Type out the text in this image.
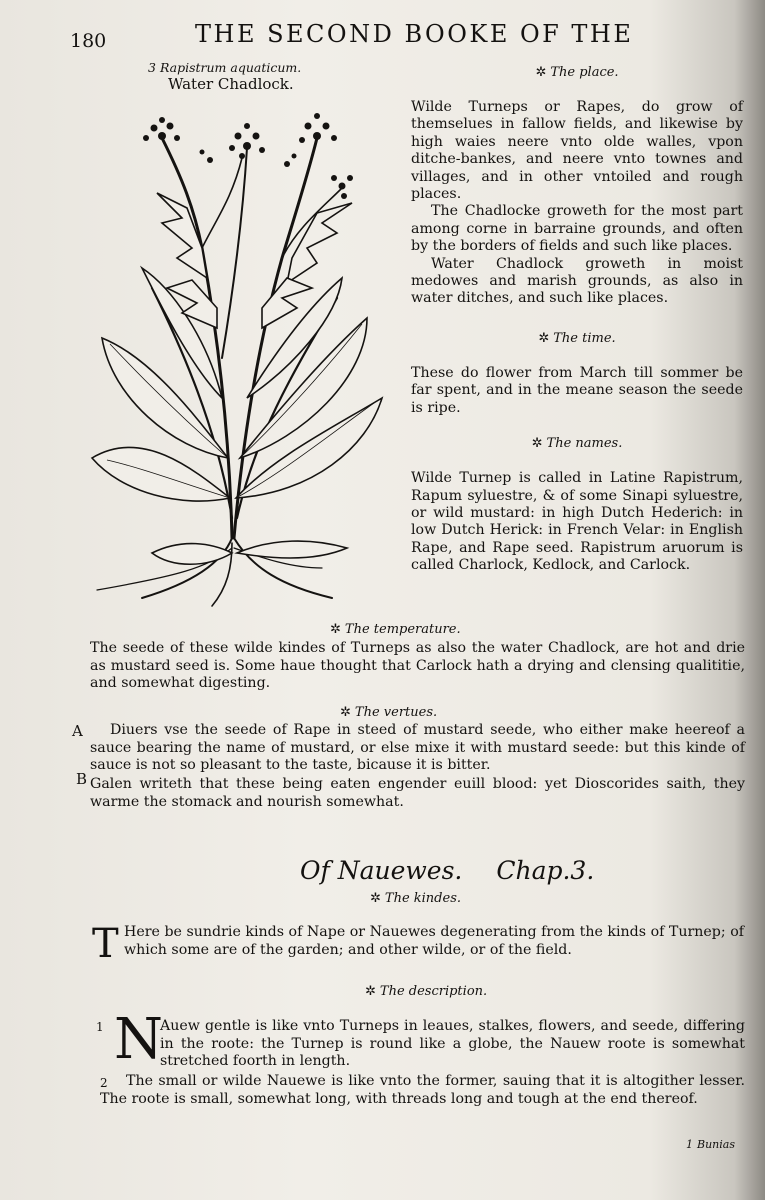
180	THE SECOND BOOKE OF THE
3 Rapistrum aquaticum.
Water Chadlock.

✲ The place.

Wilde Turneps or Rapes, do grow of themselues in fallow fields, and likewise by high waies neere vnto olde walles, vpon ditche-bankes, and neere vnto townes and villages, and in other vntoiled and rough places.

The Chadlocke groweth for the most part among corne in barraine grounds, and often by the borders of fields and such like places.

Water Chadlock groweth in moist medowes and marish grounds, as also in water ditches, and such like places.

✲ The time.

These do flower from March till sommer be far spent, and in the meane season the seede is ripe.

✲ The names.

Wilde Turnep is called in Latine Rapistrum, Rapum syluestre, & of some Sinapi syluestre, or wild mustard: in high Dutch Hederich: in low Dutch Herick: in French Velar: in English Rape, and Rape seed. Rapistrum aruorum is called Charlock, Kedlock, and Carlock.

✲ The temperature.

The seede of these wilde kindes of Turneps as also the water Chadlock, are hot and drie as mustard seed is. Some haue thought that Carlock hath a drying and clensing qualititie, and somewhat digesting.

✲ The vertues.
A	Diuers vse the seede of Rape in steed of mustard seede, who either make heereof a sauce bearing the name of mustard, or else mixe it with mustard seede: but this kinde of sauce is not so pleasant to the taste, bicause it is bitter.

B Galen writeth that these being eaten engender euill blood: yet Dioscorides saith, they warme the stomack and nourish somewhat.

Of Nauewes. Chap.3.
✲ The kindes.
T Here be sundrie kinds of Nape or Nauewes degenerating from the kinds of Turnep; of which some are of the garden; and other wilde, or of the field.

✲ The description.
1 N

Auew gentle is like vnto Turneps in leaues, stalkes, flowers, and seede, differing in the roote: the Turnep is round like a globe, the Nauew roote is somewhat stretched foorth in length.

2	The small or wilde Nauewe is like vnto the former, sauing that it is altogither lesser. The roote is small, somewhat long, with threads long and tough at the end thereof.

1 Bunias
